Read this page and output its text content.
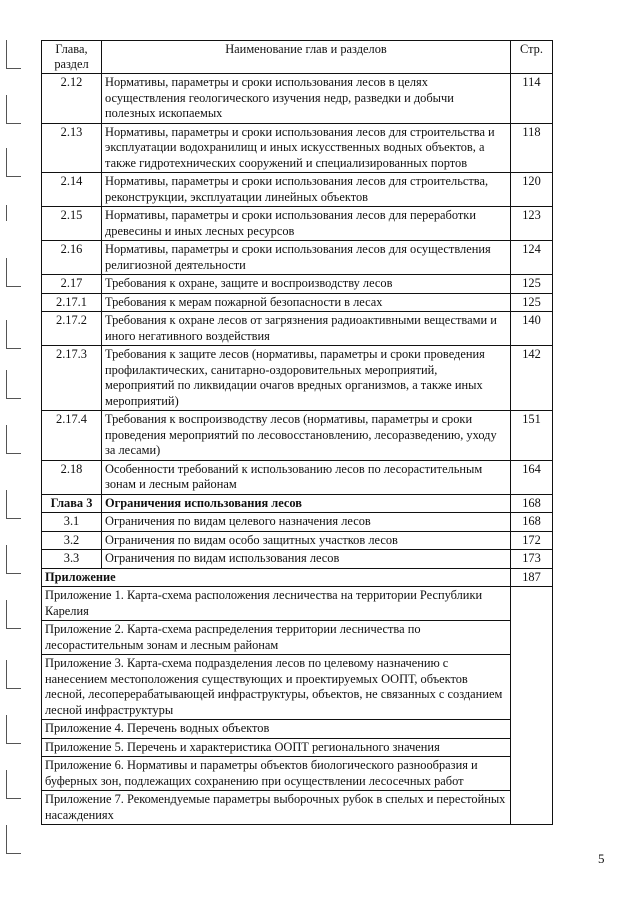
Глава, раздел	Наименование глав и разделов	Стр.
2.12	Нормативы, параметры и сроки использования лесов в целях осуществления геологического изучения недр, разведки и добычи полезных ископаемых	114
2.13	Нормативы, параметры и сроки использования лесов для строительства и эксплуатации водохранилищ и иных искусственных водных объектов, а также гидротехнических сооружений и специализированных портов	118
2.14	Нормативы, параметры и сроки использования лесов для строительства, реконструкции, эксплуатации линейных объектов	120
2.15	Нормативы, параметры и сроки использования лесов для переработки древесины и иных лесных ресурсов	123
2.16	Нормативы, параметры и сроки использования лесов для осуществления религиозной деятельности	124
2.17	Требования к охране, защите и воспроизводству лесов	125
2.17.1	Требования к мерам пожарной безопасности в лесах	125
2.17.2	Требования к охране лесов от загрязнения радиоактивными веществами и иного негативного воздействия	140
2.17.3	Требования к защите лесов (нормативы, параметры и сроки проведения профилактических, санитарно-оздоровительных мероприятий, мероприятий по ликвидации очагов вредных организмов, а также иных мероприятий)	142
2.17.4	Требования к воспроизводству лесов (нормативы, параметры и сроки проведения мероприятий по лесовосстановлению, лесоразведению, уходу за лесами)	151
2.18	Особенности требований к использованию лесов по лесорастительным зонам и лесным районам	164
Глава 3	Ограничения использования лесов	168
3.1	Ограничения по видам целевого назначения лесов	168
3.2	Ограничения по видам особо защитных участков лесов	172
3.3	Ограничения по видам использования лесов	173
Приложение		187
Приложение 1. Карта-схема расположения лесничества на территории Республики Карелия		
Приложение 2. Карта-схема распределения территории лесничества по лесорастительным зонам и лесным районам		
Приложение 3. Карта-схема подразделения лесов по целевому назначению с нанесением местоположения существующих и проектируемых ООПТ, объектов лесной, лесоперерабатывающей инфраструктуры, объектов, не связанных с созданием лесной инфраструктуры		
Приложение 4. Перечень водных объектов		
Приложение 5. Перечень и характеристика ООПТ регионального значения		
Приложение 6. Нормативы и параметры объектов биологического разнообразия и буферных зон, подлежащих сохранению при осуществлении лесосечных работ		
Приложение 7. Рекомендуемые параметры выборочных рубок в спелых и перестойных насаждениях		
5
